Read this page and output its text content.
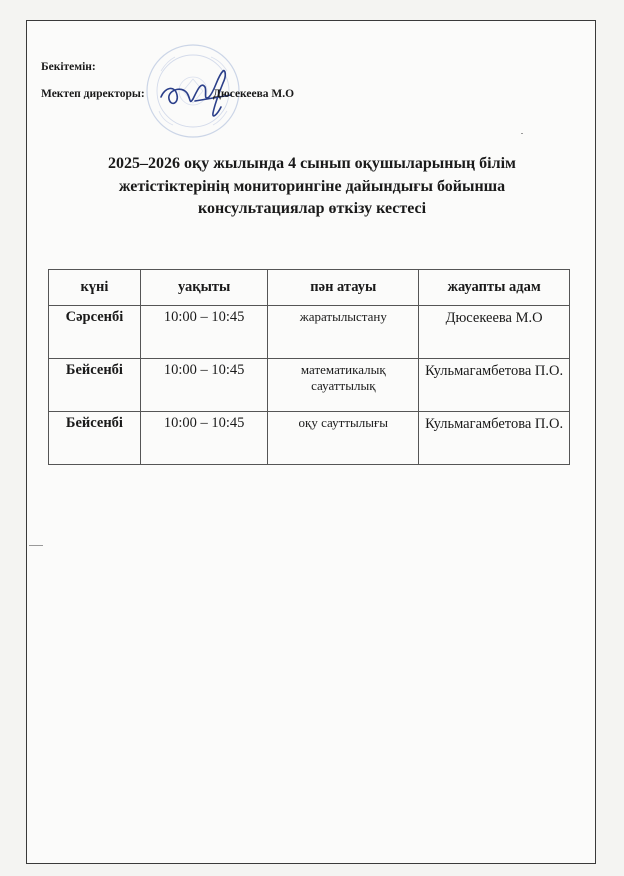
Бекітемін:
Мектеп директоры:	Дюсекеева М.О
2025–2026 оқу жылында 4 сынып оқушыларының білім
жетістіктерінің мониторингіне дайындығы бойынша
консультациялар өткізу кестесі
күні	уақыты	пән атауы	жауапты адам
Сәрсенбі	10:00 – 10:45	жаратылыстану	Дюсекеева М.О
Бейсенбі	10:00 – 10:45	математикалық сауаттылық	Кульмагамбетова П.О.
Бейсенбі	10:00 – 10:45	оқу сауттылығы	Кульмагамбетова П.О.
